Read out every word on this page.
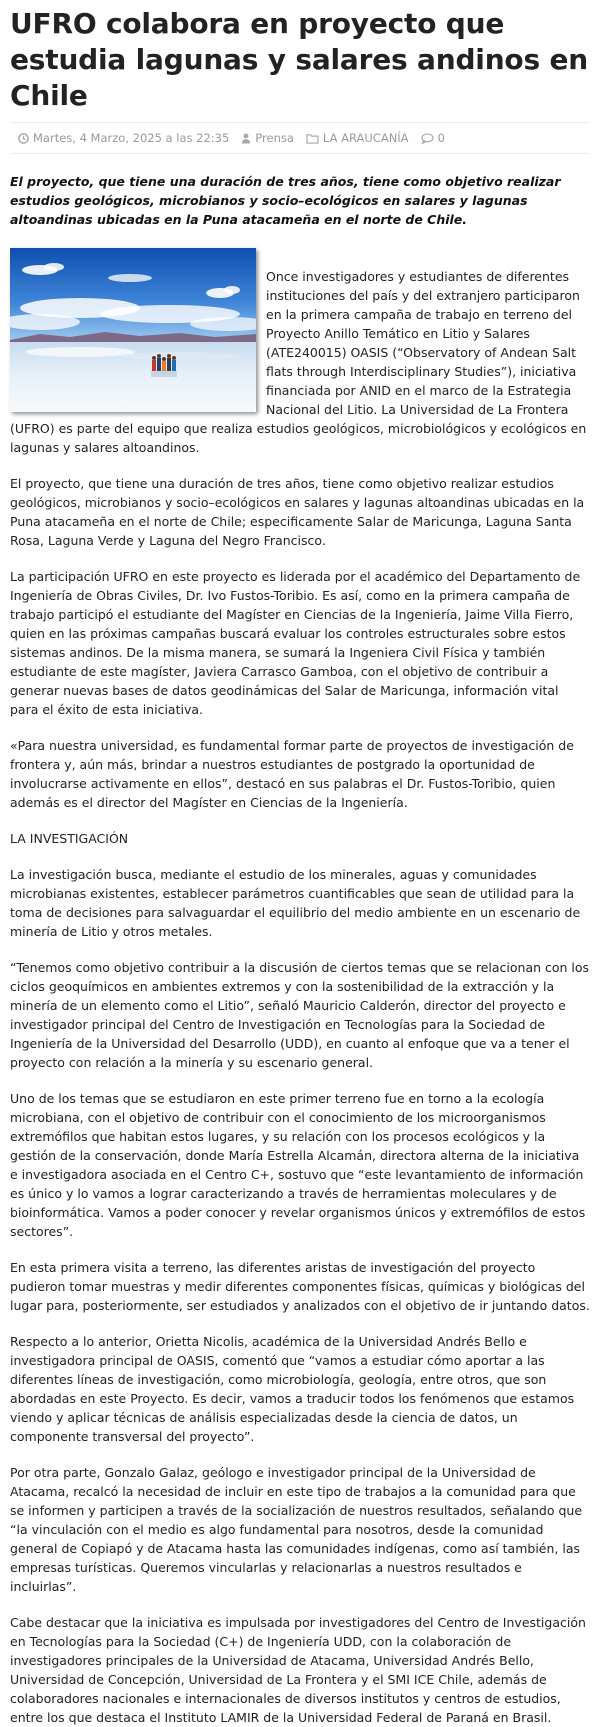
UFRO colabora en proyecto que estudia lagunas y salares andinos en Chile
Martes, 4 Marzo, 2025 a las 22:35 Prensa	LA ARAUCANÍA	0
El proyecto, que tiene una duración de tres años, tiene como objetivo realizar estudios geológicos, microbianos y socio–ecológicos en salares y lagunas altoandinas ubicadas en la Puna atacameña en el norte de Chile.

Once investigadores y estudiantes de diferentes instituciones del país y del extranjero participaron en la primera campaña de trabajo en terreno del Proyecto Anillo Temático en Litio y Salares (ATE240015) OASIS (“Observatory of Andean Salt flats through Interdisciplinary Studies”), iniciativa financiada por ANID en el marco de la Estrategia Nacional del Litio. La Universidad de La Frontera (UFRO) es parte del equipo que realiza estudios geológicos, microbiológicos y ecológicos en lagunas y salares altoandinos.

El proyecto, que tiene una duración de tres años, tiene como objetivo realizar estudios geológicos, microbianos y socio–ecológicos en salares y lagunas altoandinas ubicadas en la Puna atacameña en el norte de Chile; especificamente Salar de Maricunga, Laguna Santa Rosa, Laguna Verde y Laguna del Negro Francisco.

La participación UFRO en este proyecto es liderada por el académico del Departamento de Ingeniería de Obras Civiles, Dr. Ivo Fustos-Toribio. Es así, como en la primera campaña de trabajo participó el estudiante del Magíster en Ciencias de la Ingeniería, Jaime Villa Fierro, quien en las próximas campañas buscará evaluar los controles estructurales sobre estos sistemas andinos. De la misma manera, se sumará la Ingeniera Civil Física y también estudiante de este magíster, Javiera Carrasco Gamboa, con el objetivo de contribuir a generar nuevas bases de datos geodinámicas del Salar de Maricunga, información vital para el éxito de esta iniciativa.

«Para nuestra universidad, es fundamental formar parte de proyectos de investigación de frontera y, aún más, brindar a nuestros estudiantes de postgrado la oportunidad de involucrarse activamente en ellos”, destacó en sus palabras el Dr. Fustos-Toribio, quien además es el director del Magíster en Ciencias de la Ingeniería.

LA INVESTIGACIÓN

La investigación busca, mediante el estudio de los minerales, aguas y comunidades microbianas existentes, establecer parámetros cuantificables que sean de utilidad para la toma de decisiones para salvaguardar el equilibrio del medio ambiente en un escenario de minería de Litio y otros metales.

“Tenemos como objetivo contribuir a la discusión de ciertos temas que se relacionan con los ciclos geoquímicos en ambientes extremos y con la sostenibilidad de la extracción y la minería de un elemento como el Litio”, señaló Mauricio Calderón, director del proyecto e investigador principal del Centro de Investigación en Tecnologías para la Sociedad de Ingeniería de la Universidad del Desarrollo (UDD), en cuanto al enfoque que va a tener el proyecto con relación a la minería y su escenario general.

Uno de los temas que se estudiaron en este primer terreno fue en torno a la ecología microbiana, con el objetivo de contribuir con el conocimiento de los microorganismos extremófilos que habitan estos lugares, y su relación con los procesos ecológicos y la gestión de la conservación, donde María Estrella Alcamán, directora alterna de la iniciativa e investigadora asociada en el Centro C+, sostuvo que “este levantamiento de información es único y lo vamos a lograr caracterizando a través de herramientas moleculares y de bioinformática. Vamos a poder conocer y revelar organismos únicos y extremófilos de estos sectores”.

En esta primera visita a terreno, las diferentes aristas de investigación del proyecto pudieron tomar muestras y medir diferentes componentes físicas, químicas y biológicas del lugar para, posteriormente, ser estudiados y analizados con el objetivo de ir juntando datos.

Respecto a lo anterior, Orietta Nicolis, académica de la Universidad Andrés Bello e investigadora principal de OASIS, comentó que “vamos a estudiar cómo aportar a las diferentes líneas de investigación, como microbiología, geología, entre otros, que son abordadas en este Proyecto. Es decir, vamos a traducir todos los fenómenos que estamos viendo y aplicar técnicas de análisis especializadas desde la ciencia de datos, un componente transversal del proyecto”.

Por otra parte, Gonzalo Galaz, geólogo e investigador principal de la Universidad de Atacama, recalcó la necesidad de incluir en este tipo de trabajos a la comunidad para que se informen y participen a través de la socialización de nuestros resultados, señalando que “la vinculación con el medio es algo fundamental para nosotros, desde la comunidad general de Copiapó y de Atacama hasta las comunidades indígenas, como así también, las empresas turísticas. Queremos vincularlas y relacionarlas a nuestros resultados e incluirlas”.

Cabe destacar que la iniciativa es impulsada por investigadores del Centro de Investigación en Tecnologías para la Sociedad (C+) de Ingeniería UDD, con la colaboración de investigadores principales de la Universidad de Atacama, Universidad Andrés Bello, Universidad de Concepción, Universidad de La Frontera y el SMI ICE Chile, además de colaboradores nacionales e internacionales de diversos institutos y centros de estudios, entre los que destaca el Instituto LAMIR de la Universidad Federal de Paraná en Brasil.
